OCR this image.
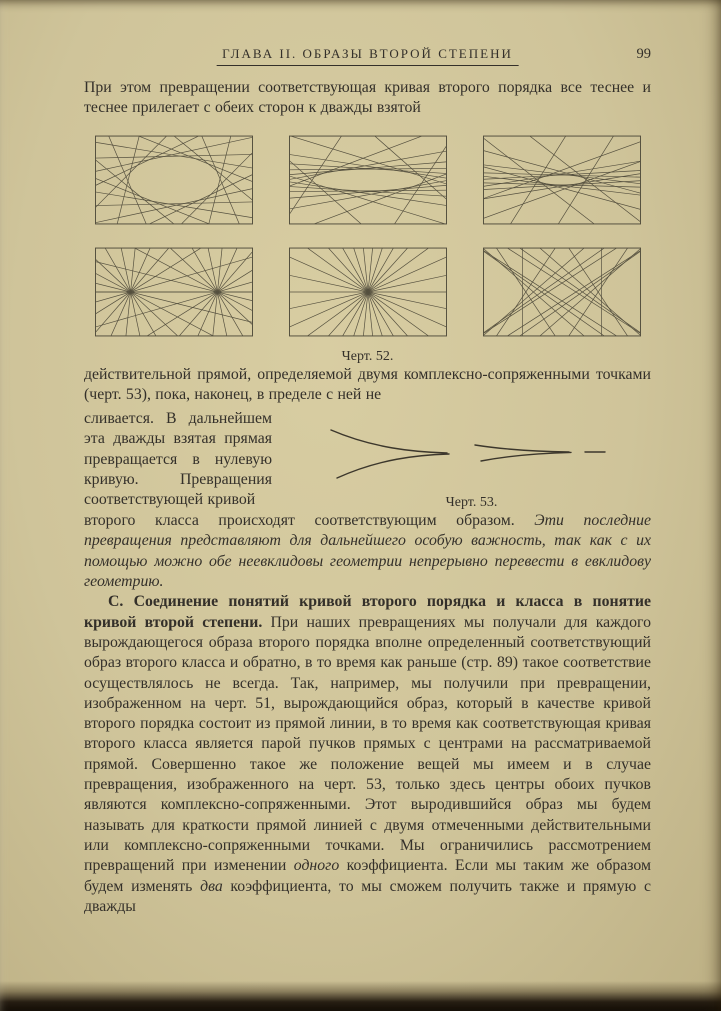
ГЛАВА II. ОБРАЗЫ ВТОРОЙ СТЕПЕНИ	99

При этом превращении соответствующая кривая второго порядка все теснее и теснее прилегает с обеих сторон к дважды взятой

Черт. 52.

действительной прямой, определяемой двумя комплексно-сопряженными точками (черт. 53), пока, наконец, в пределе с ней не

сливается. В дальнейшем эта дважды взятая прямая превращается в нулевую кривую. Превращения соответствующей кривой	Черт. 53.

второго класса происходят соответствующим образом. Эти последние превращения представляют для дальнейшего особую важность, так как с их помощью можно обе неевклидовы геометрии непрерывно перевести в евклидову геометрию.

C. Соединение понятий кривой второго порядка и класса в понятие кривой второй степени. При наших превращениях мы получали для каждого вырождающегося образа второго порядка вполне определенный соответствующий образ второго класса и обратно, в то время как раньше (стр. 89) такое соответствие осуществлялось не всегда. Так, например, мы получили при превращении, изображенном на черт. 51, вырождающийся образ, который в качестве кривой второго порядка состоит из прямой линии, в то время как соответствующая кривая второго класса является парой пучков прямых с центрами на рассматриваемой прямой. Совершенно такое же положение вещей мы имеем и в случае превращения, изображенного на черт. 53, только здесь центры обоих пучков являются комплексно-сопряженными. Этот выродившийся образ мы будем называть для краткости прямой линией с двумя отмеченными действительными или комплексно-сопряженными точками. Мы ограничились рассмотрением превращений при изменении одного коэффициента. Если мы таким же образом будем изменять два коэффициента, то мы сможем получить также и прямую с дважды
